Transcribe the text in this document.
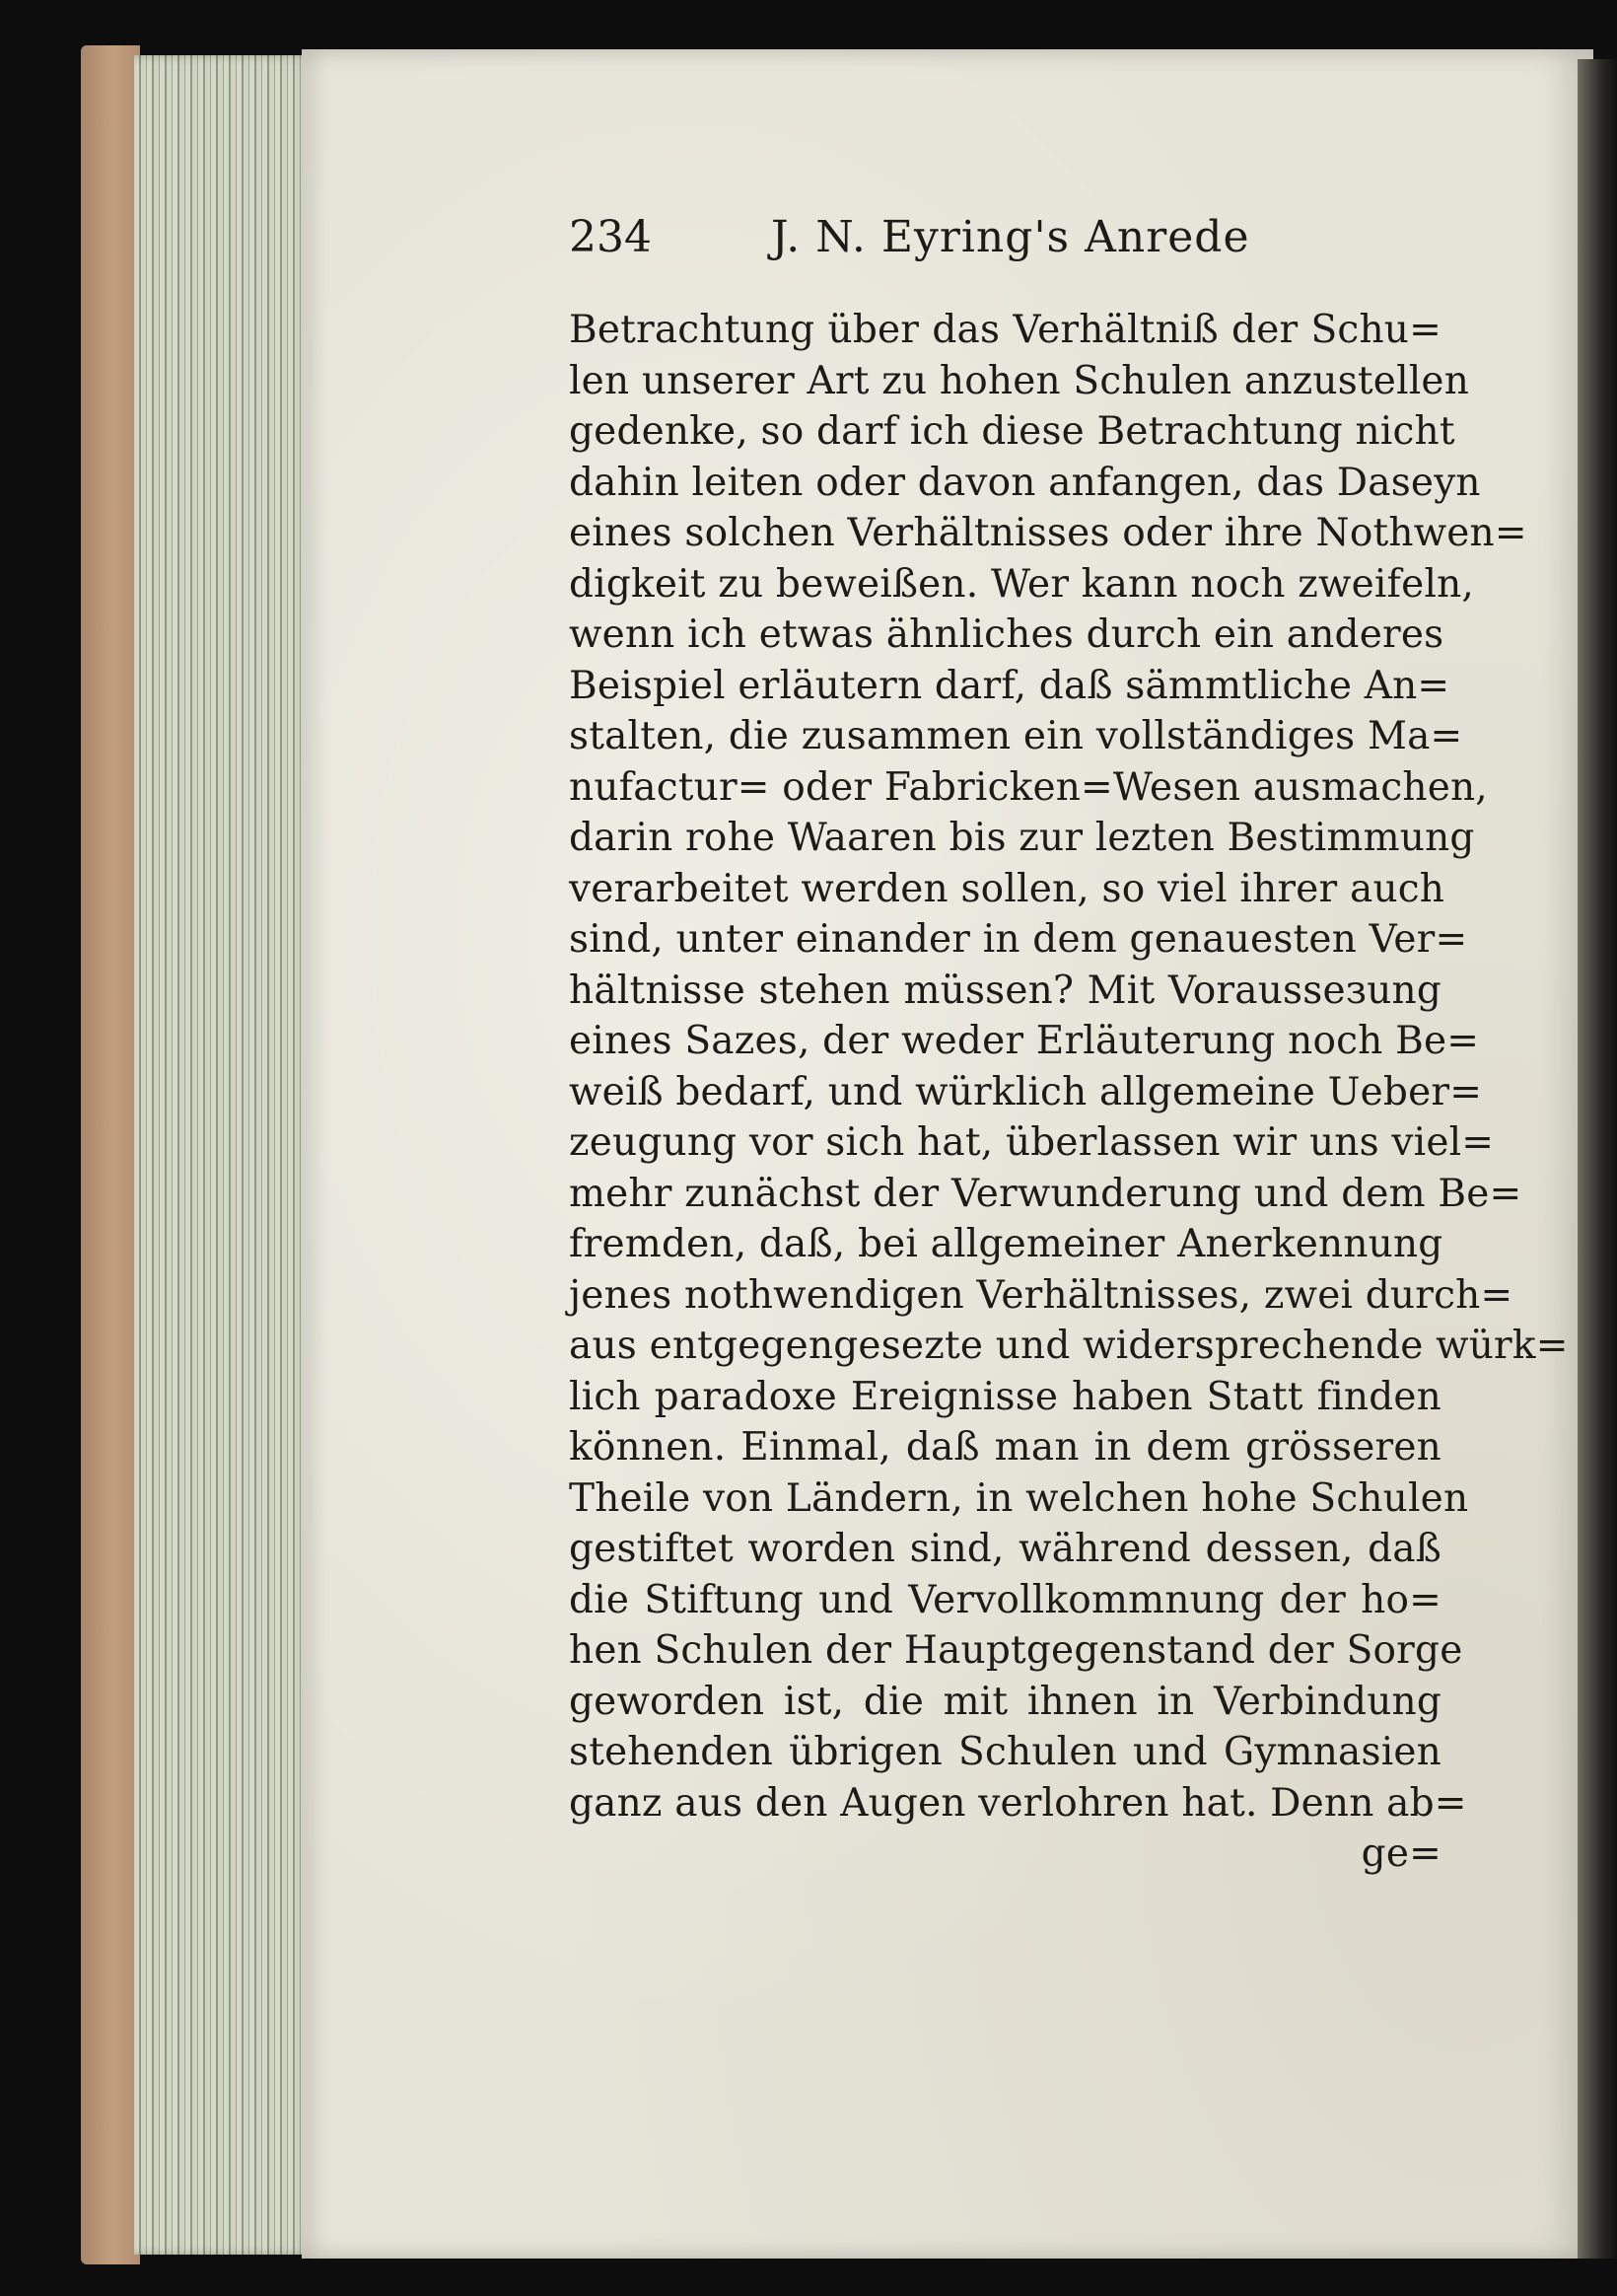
234	J. N. Eyring's Anrede
Betrachtung über das Verhältniß der Schu=
len unserer Art zu hohen Schulen anzustellen
gedenke, so darf ich diese Betrachtung nicht
dahin leiten oder davon anfangen, das Daseyn
eines solchen Verhältnisses oder ihre Nothwen=
digkeit zu beweißen. Wer kann noch zweifeln,
wenn ich etwas ähnliches durch ein anderes
Beispiel erläutern darf, daß sämmtliche An=
stalten, die zusammen ein vollständiges Ma=
nufactur= oder Fabricken=Wesen ausmachen,
darin rohe Waaren bis zur lezten Bestimmung
verarbeitet werden sollen, so viel ihrer auch
sind, unter einander in dem genauesten Ver=
hältnisse stehen müssen? Mit Vorausseзung
eines Sazes, der weder Erläuterung noch Be=
weiß bedarf, und würklich allgemeine Ueber=
zeugung vor sich hat, überlassen wir uns viel=
mehr zunächst der Verwunderung und dem Be=
fremden, daß, bei allgemeiner Anerkennung
jenes nothwendigen Verhältnisses, zwei durch=
aus entgegengesezte und widersprechende würk=
lich paradoxe Ereignisse haben Statt finden
können. Einmal, daß man in dem grösseren
Theile von Ländern, in welchen hohe Schulen
gestiftet worden sind, während dessen, daß
die Stiftung und Vervollkommnung der ho=
hen Schulen der Hauptgegenstand der Sorge
geworden ist, die mit ihnen in Verbindung
stehenden übrigen Schulen und Gymnasien
ganz aus den Augen verlohren hat. Denn ab=
ge=
